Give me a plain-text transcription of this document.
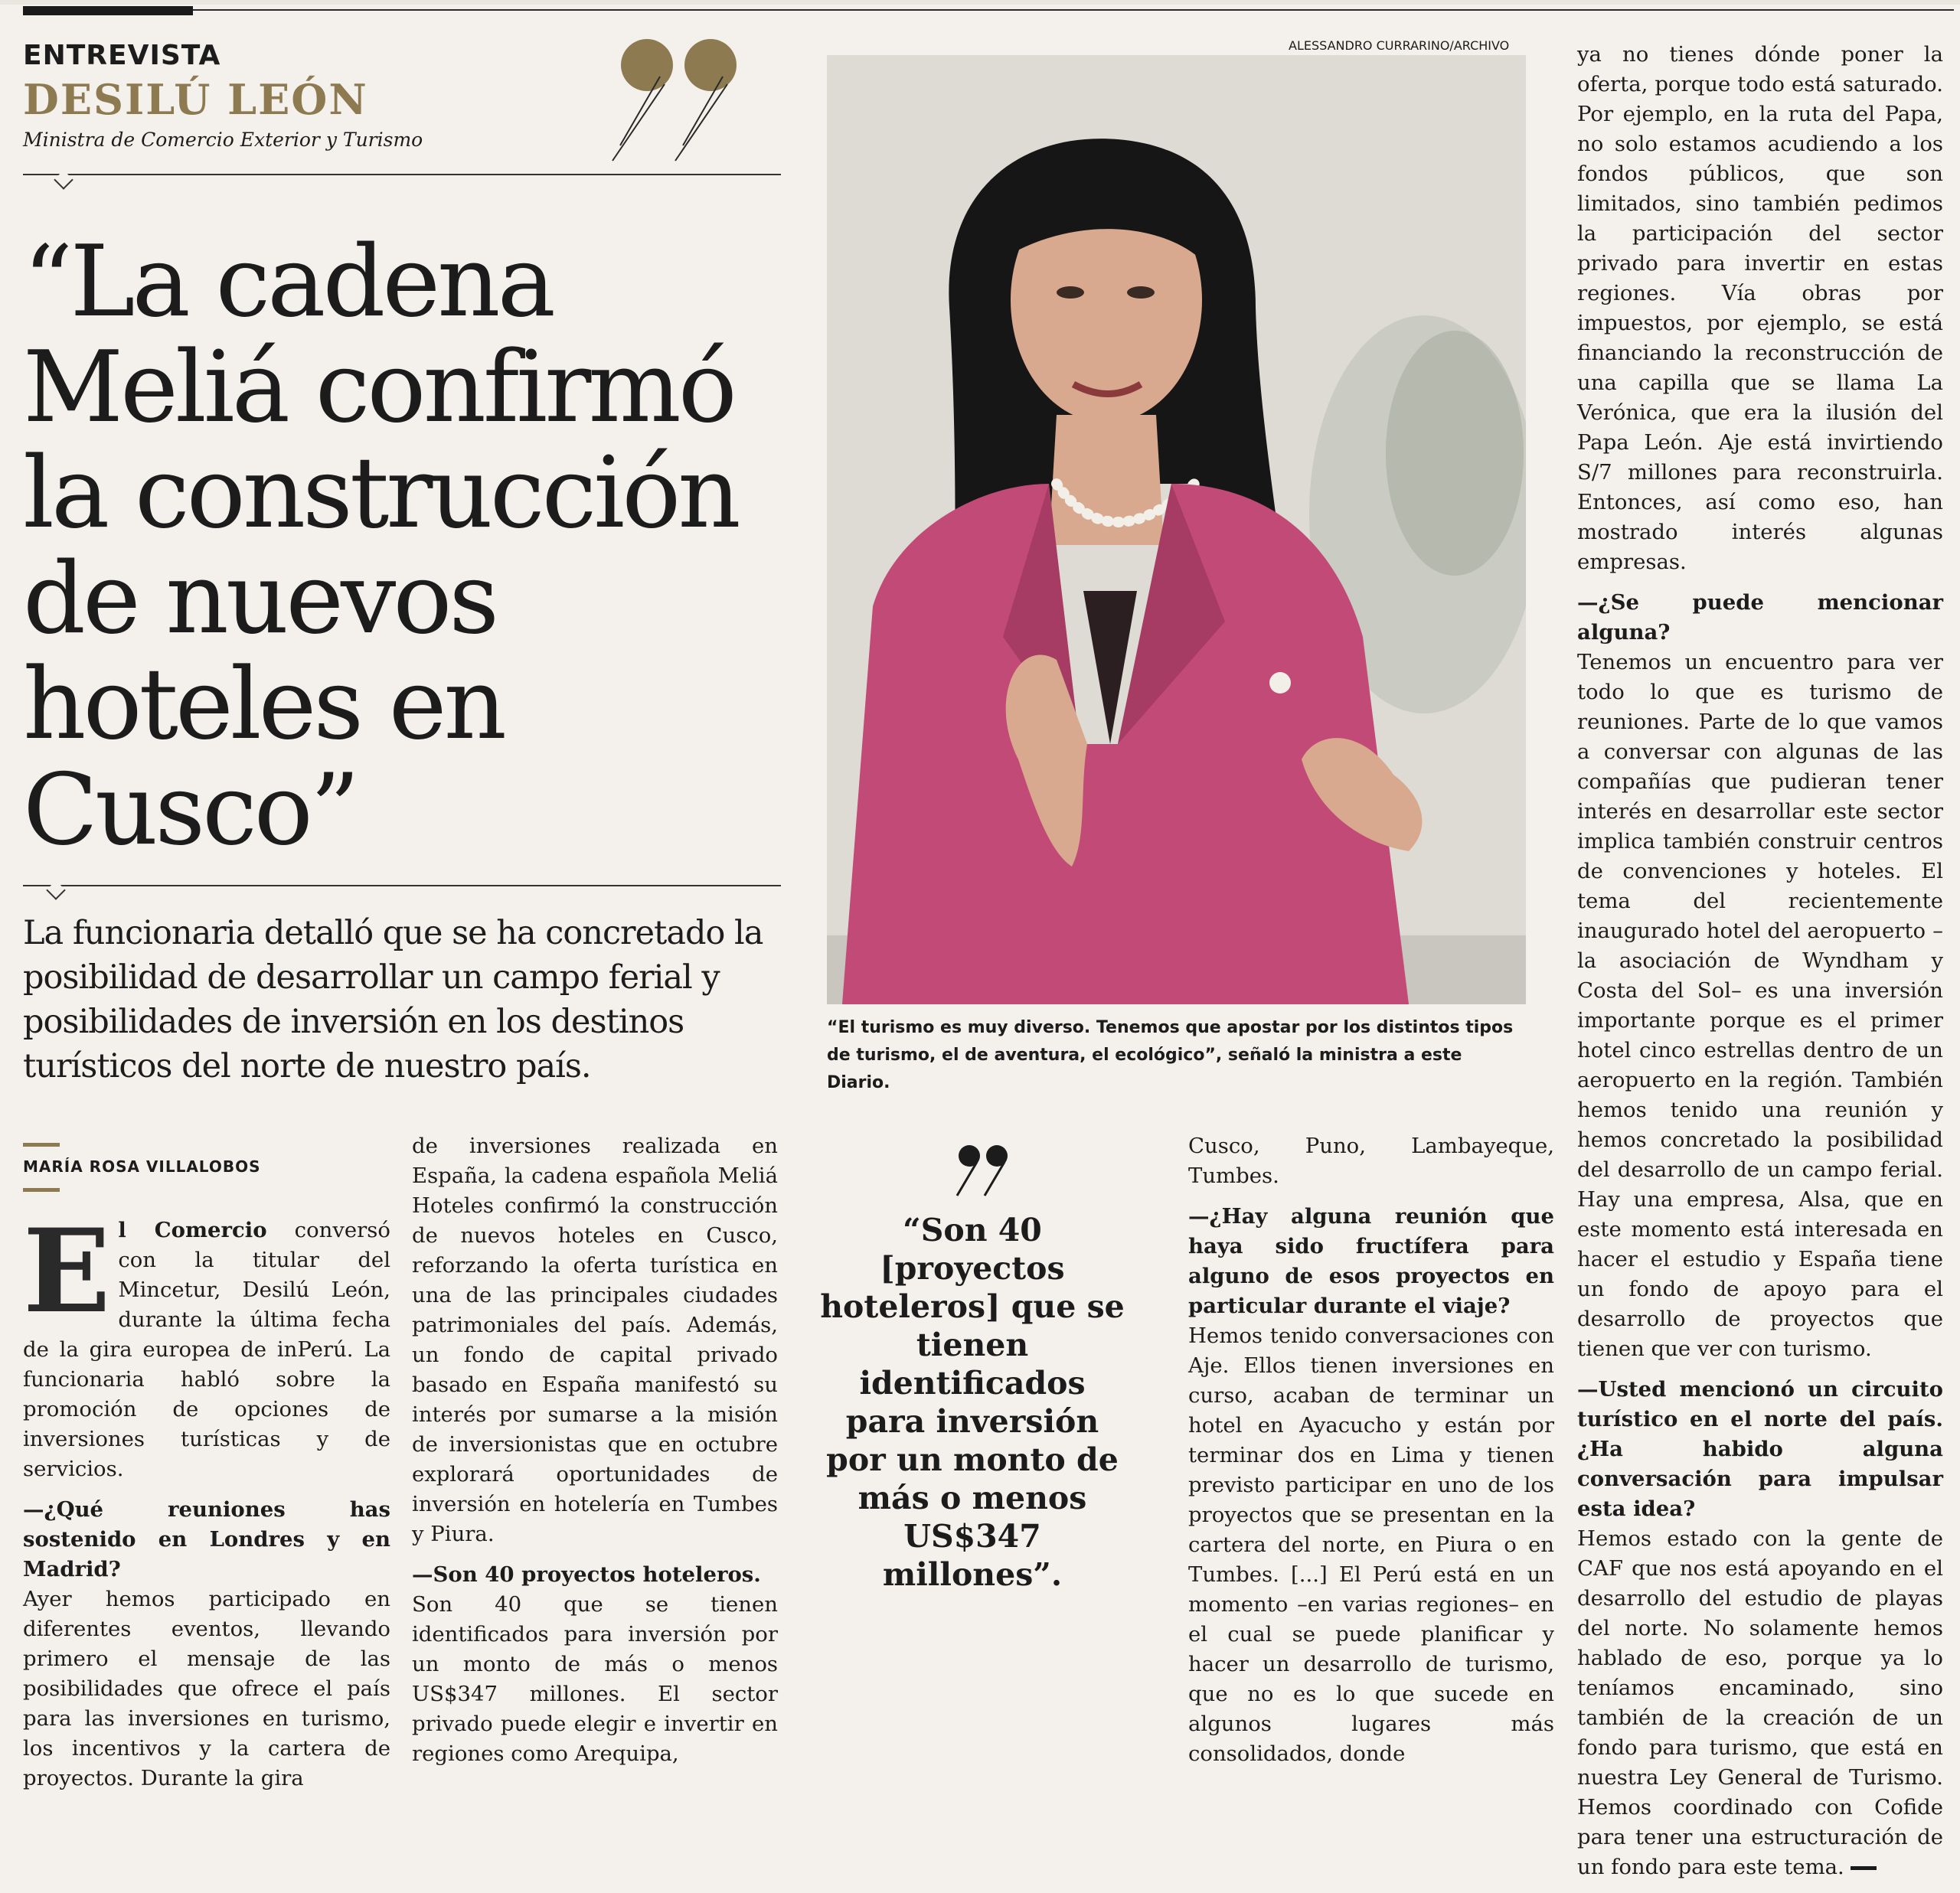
ENTREVISTA
DESILÚ LEÓN
Ministra de Comercio Exterior y Turismo
“La cadena Meliá confirmó la construcción de nuevos hoteles en Cusco”
La funcionaria detalló que se ha concretado la posibilidad de desarrollar un campo ferial y posibilidades de inversión en los destinos turísticos del norte de nuestro país.
ALESSANDRO CURRARINO/ARCHIVO
“El turismo es muy diverso. Tenemos que apostar por los distintos tipos de turismo, el de aventura, el ecológico”, señaló la ministra a este Diario.
MARÍA ROSA VILLALOBOS

El Comercio conversó con la titular del Mincetur, Desilú León, durante la última fecha de la gira europea de inPerú. La funcionaria habló sobre la promoción de opciones de inversiones turísticas y de servicios.

—¿Qué reuniones has sostenido en Londres y en Madrid?
Ayer hemos participado en diferentes eventos, llevando primero el mensaje de las posibilidades que ofrece el país para las inversiones en turismo, los incentivos y la cartera de proyectos. Durante la gira

de inversiones realizada en España, la cadena española Meliá Hoteles confirmó la construcción de nuevos hoteles en Cusco, reforzando la oferta turística en una de las principales ciudades patrimoniales del país. Además, un fondo de capital privado basado en España manifestó su interés por sumarse a la misión de inversionistas que en octubre explorará oportunidades de inversión en hotelería en Tumbes y Piura.

—Son 40 proyectos hoteleros.
Son 40 que se tienen identificados para inversión por un monto de más o menos US$347 millones. El sector privado puede elegir e invertir en regiones como Arequipa,

“Son 40 [proyectos hoteleros] que se tienen identificados para inversión por un monto de más o menos US$347 millones”.

Cusco, Puno, Lambayeque, Tumbes.

—¿Hay alguna reunión que haya sido fructífera para alguno de esos proyectos en particular durante el viaje?
Hemos tenido conversaciones con Aje. Ellos tienen inversiones en curso, acaban de terminar un hotel en Ayacucho y están por terminar dos en Lima y tienen previsto participar en uno de los proyectos que se presentan en la cartera del norte, en Piura o en Tumbes. [...] El Perú está en un momento –en varias regiones– en el cual se puede planificar y hacer un desarrollo de turismo, que no es lo que sucede en algunos lugares más consolidados, donde

ya no tienes dónde poner la oferta, porque todo está saturado. Por ejemplo, en la ruta del Papa, no solo estamos acudiendo a los fondos públicos, que son limitados, sino también pedimos la participación del sector privado para invertir en estas regiones. Vía obras por impuestos, por ejemplo, se está financiando la reconstrucción de una capilla que se llama La Verónica, que era la ilusión del Papa León. Aje está invirtiendo S/7 millones para reconstruirla. Entonces, así como eso, han mostrado interés algunas empresas.

—¿Se puede mencionar alguna?
Tenemos un encuentro para ver todo lo que es turismo de reuniones. Parte de lo que vamos a conversar con algunas de las compañías que pudieran tener interés en desarrollar este sector implica también construir centros de convenciones y hoteles. El tema del recientemente inaugurado hotel del aeropuerto –la asociación de Wyndham y Costa del Sol– es una inversión importante porque es el primer hotel cinco estrellas dentro de un aeropuerto en la región. También hemos tenido una reunión y hemos concretado la posibilidad del desarrollo de un campo ferial. Hay una empresa, Alsa, que en este momento está interesada en hacer el estudio y España tiene un fondo de apoyo para el desarrollo de proyectos que tienen que ver con turismo.

—Usted mencionó un circuito turístico en el norte del país. ¿Ha habido alguna conversación para impulsar esta idea?
Hemos estado con la gente de CAF que nos está apoyando en el desarrollo del estudio de playas del norte. No solamente hemos hablado de eso, porque ya lo teníamos encaminado, sino también de la creación de un fondo para turismo, que está en nuestra Ley General de Turismo. Hemos coordinado con Cofide para tener una estructuración de un fondo para este tema.
